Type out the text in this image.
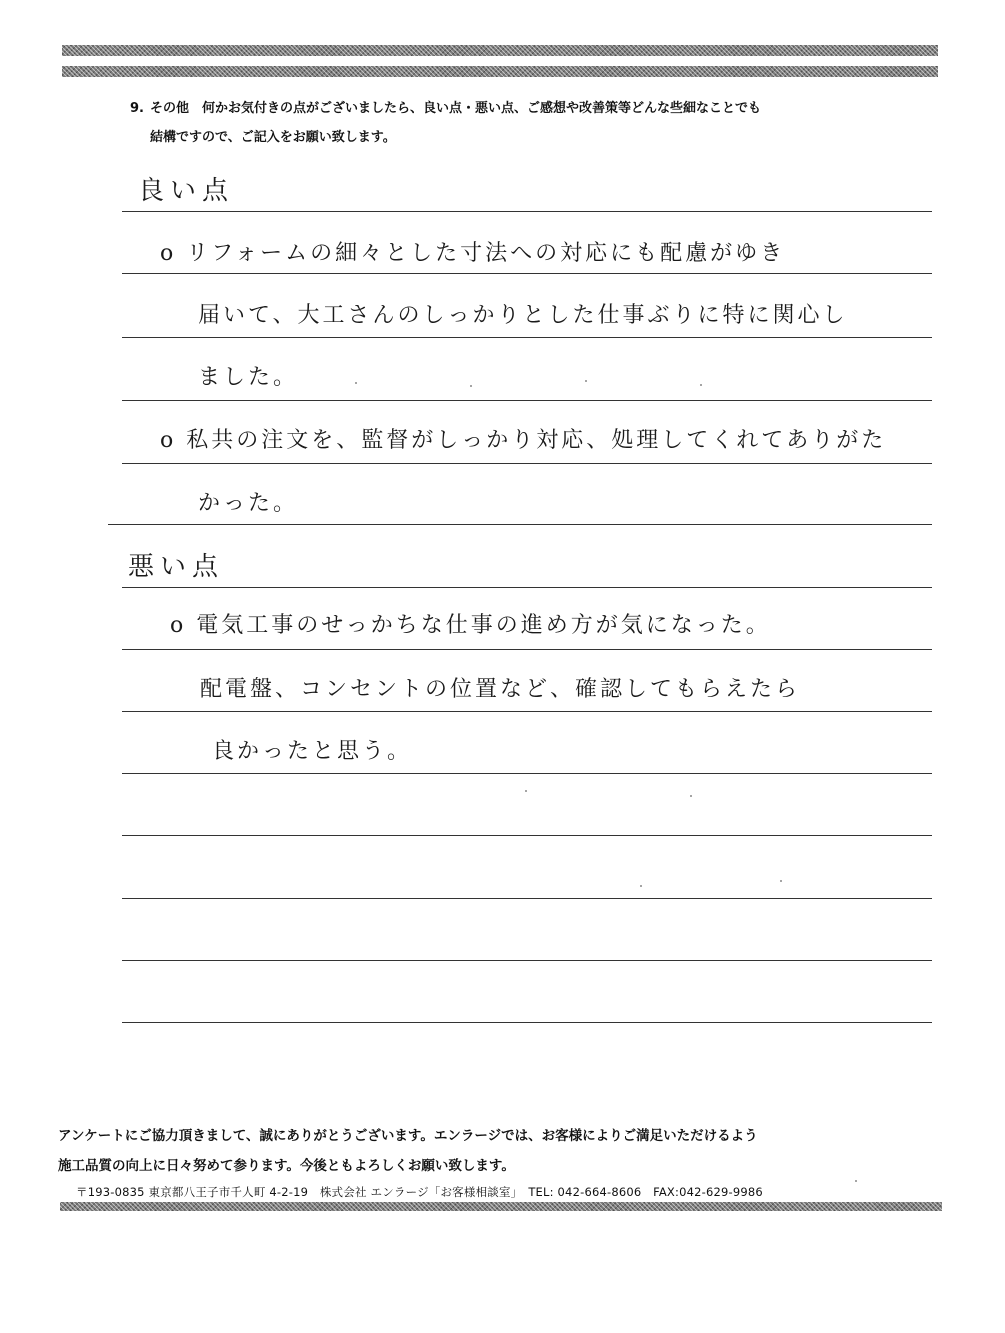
9. その他　何かお気付きの点がございましたら、良い点・悪い点、ご感想や改善策等どんな些細なことでも
結構ですので、ご記入をお願い致します。
良い点
o リフォームの細々とした寸法への対応にも配慮がゆき
届いて、大工さんのしっかりとした仕事ぶりに特に関心し
ました。
o 私共の注文を、監督がしっかり対応、処理してくれてありがた
かった。
悪い点
o 電気工事のせっかちな仕事の進め方が気になった。
配電盤、コンセントの位置など、確認してもらえたら
良かったと思う。
アンケートにご協力頂きまして、誠にありがとうございます。エンラージでは、お客様によりご満足いただけるよう
施工品質の向上に日々努めて参ります。今後ともよろしくお願い致します。
〒193-0835 東京都八王子市千人町 4-2-19　株式会社 エンラージ「お客様相談室」　TEL: 042-664-8606　FAX:042-629-9986
